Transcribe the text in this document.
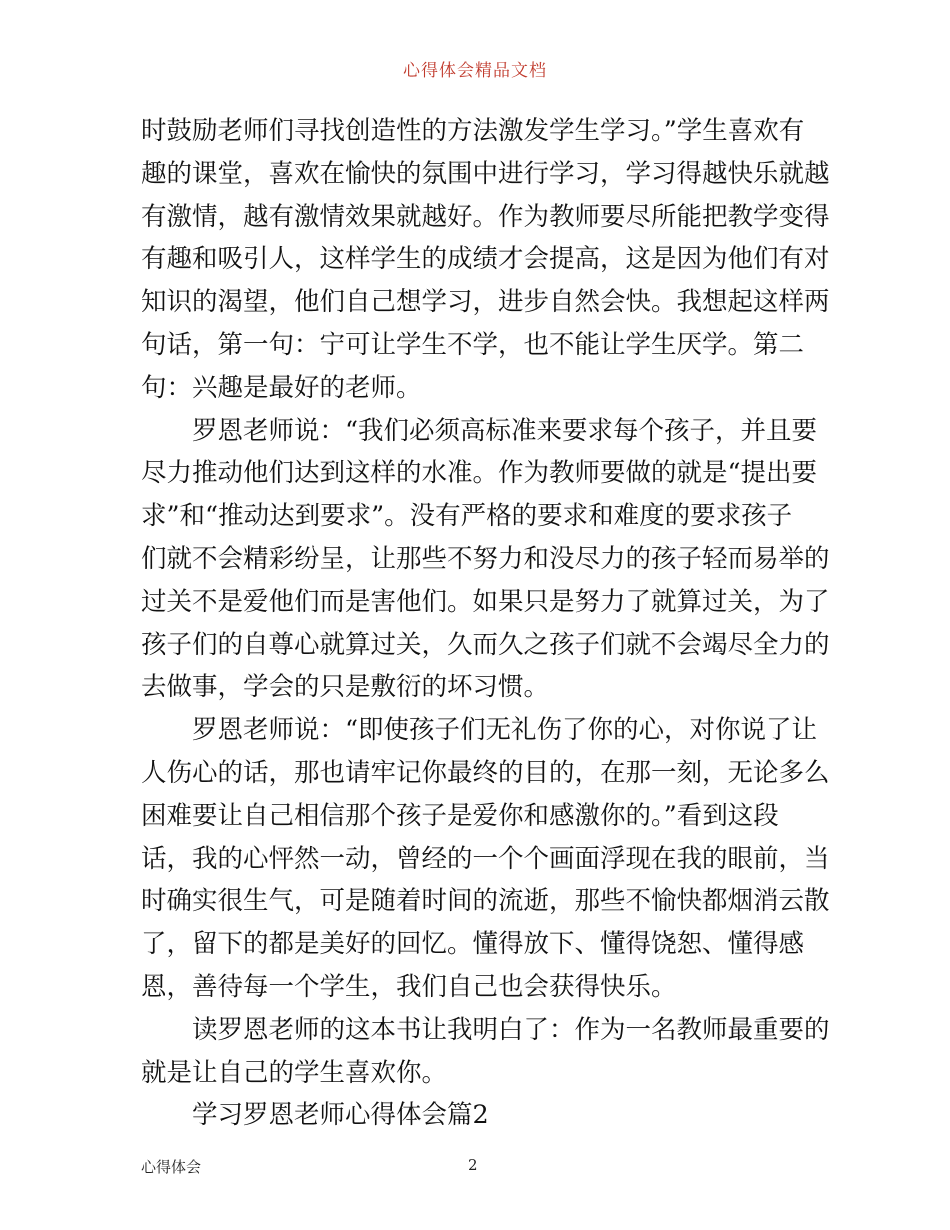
心得体会精品文档
时鼓励老师们寻找创造性的方法激发学生学习。”学生喜欢有
趣的课堂，喜欢在愉快的氛围中进行学习，学习得越快乐就越
有激情，越有激情效果就越好。作为教师要尽所能把教学变得
有趣和吸引人，这样学生的成绩才会提高，这是因为他们有对
知识的渴望，他们自己想学习，进步自然会快。我想起这样两
句话，第一句：宁可让学生不学，也不能让学生厌学。第二
句：兴趣是最好的老师。
罗恩老师说：“我们必须高标准来要求每个孩子，并且要
尽力推动他们达到这样的水准。作为教师要做的就是“提出要
求”和“推动达到要求”。没有严格的要求和难度的要求孩子
们就不会精彩纷呈，让那些不努力和没尽力的孩子轻而易举的
过关不是爱他们而是害他们。如果只是努力了就算过关，为了
孩子们的自尊心就算过关，久而久之孩子们就不会竭尽全力的
去做事，学会的只是敷衍的坏习惯。
罗恩老师说：“即使孩子们无礼伤了你的心，对你说了让
人伤心的话，那也请牢记你最终的目的，在那一刻，无论多么
困难要让自己相信那个孩子是爱你和感激你的。”看到这段
话，我的心怦然一动，曾经的一个个画面浮现在我的眼前，当
时确实很生气，可是随着时间的流逝，那些不愉快都烟消云散
了，留下的都是美好的回忆。懂得放下、懂得饶恕、懂得感
恩，善待每一个学生，我们自己也会获得快乐。
读罗恩老师的这本书让我明白了：作为一名教师最重要的
就是让自己的学生喜欢你。
学习罗恩老师心得体会篇2
心得体会	2
